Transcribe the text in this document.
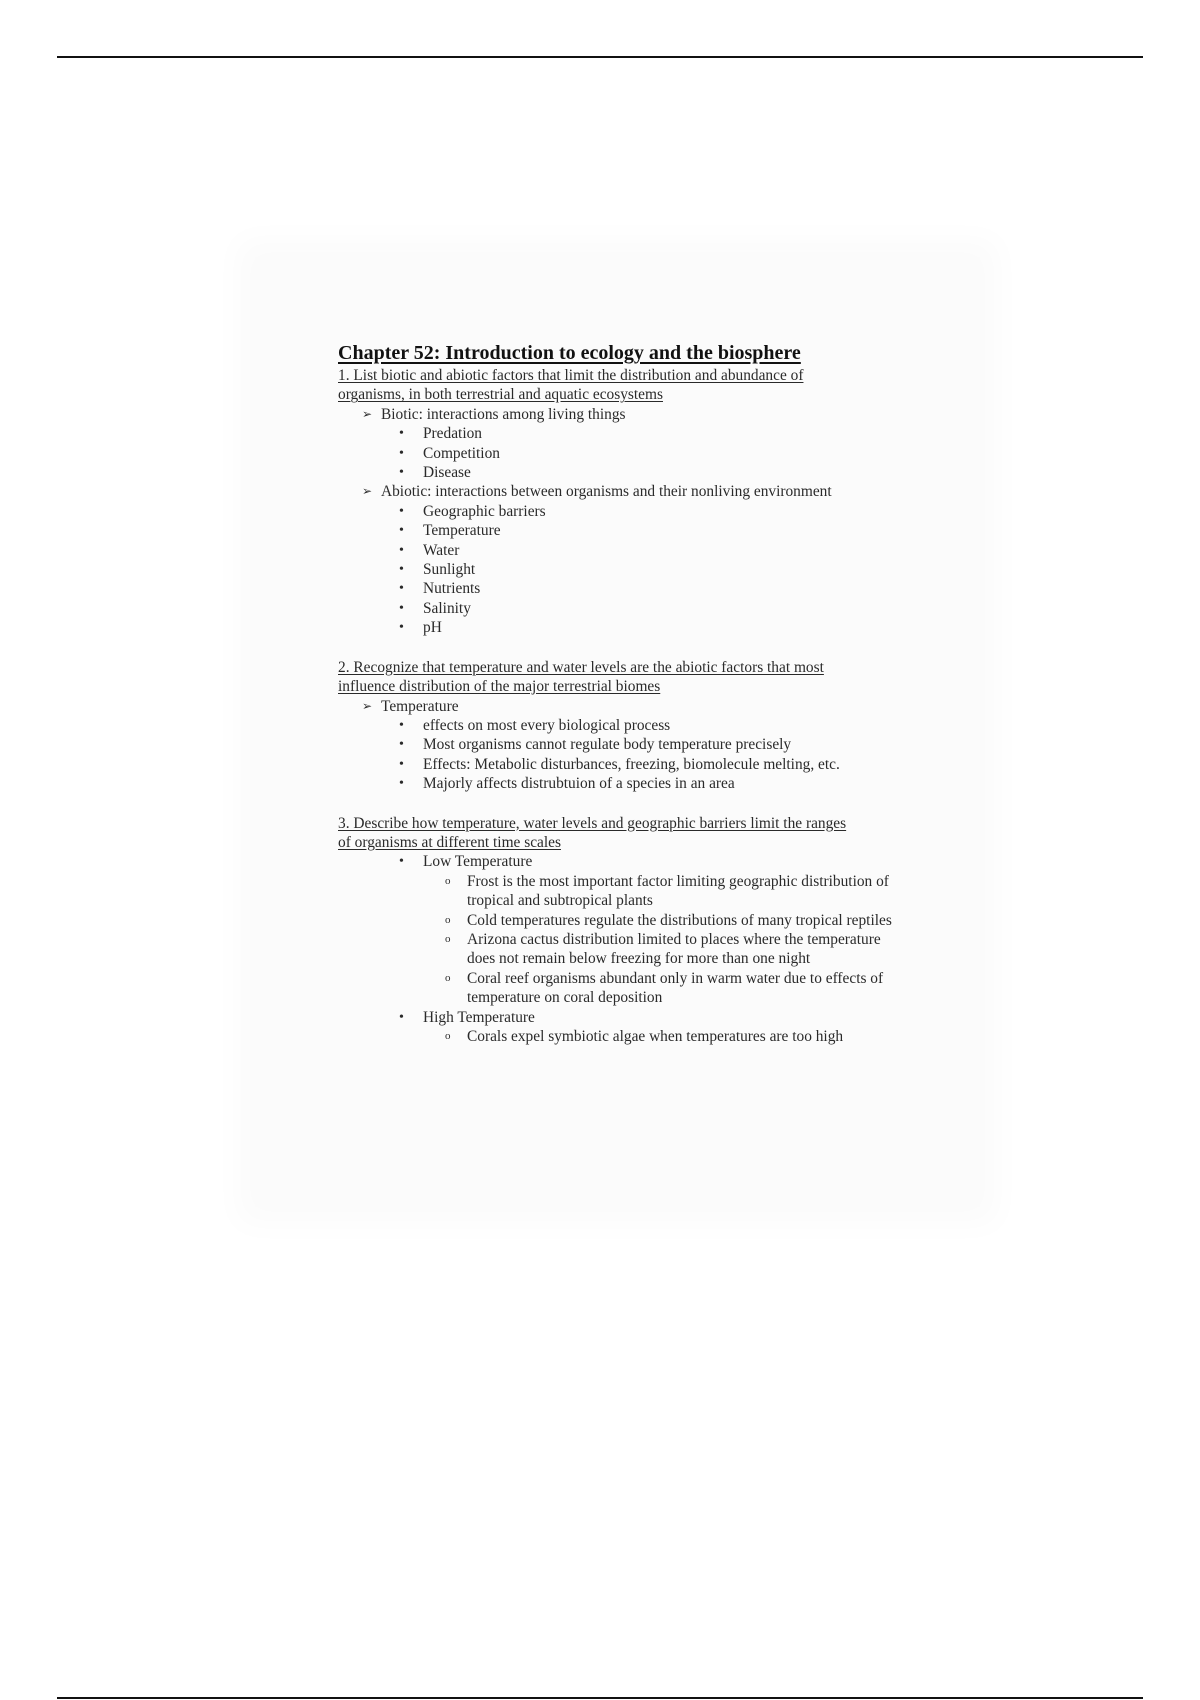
Chapter 52: Introduction to ecology and the biosphere

1. List biotic and abiotic factors that limit the distribution and abundance of

organisms, in both terrestrial and aquatic ecosystems

➢ Biotic: interactions among living things
• Predation
• Competition
• Disease
➢ Abiotic: interactions between organisms and their nonliving environment
• Geographic barriers
• Temperature
• Water
• Sunlight
• Nutrients
• Salinity
• pH

2. Recognize that temperature and water levels are the abiotic factors that most

influence distribution of the major terrestrial biomes

➢ Temperature
• effects on most every biological process
• Most organisms cannot regulate body temperature precisely
• Effects: Metabolic disturbances, freezing, biomolecule melting, etc.
• Majorly affects distrubtuion of a species in an area

3. Describe how temperature, water levels and geographic barriers limit the ranges

of organisms at different time scales

• Low Temperature
o Frost is the most important factor limiting geographic distribution of tropical and subtropical plants
o Cold temperatures regulate the distributions of many tropical reptiles
o Arizona cactus distribution limited to places where the temperature does not remain below freezing for more than one night
o Coral reef organisms abundant only in warm water due to effects of temperature on coral deposition
• High Temperature
o Corals expel symbiotic algae when temperatures are too high
